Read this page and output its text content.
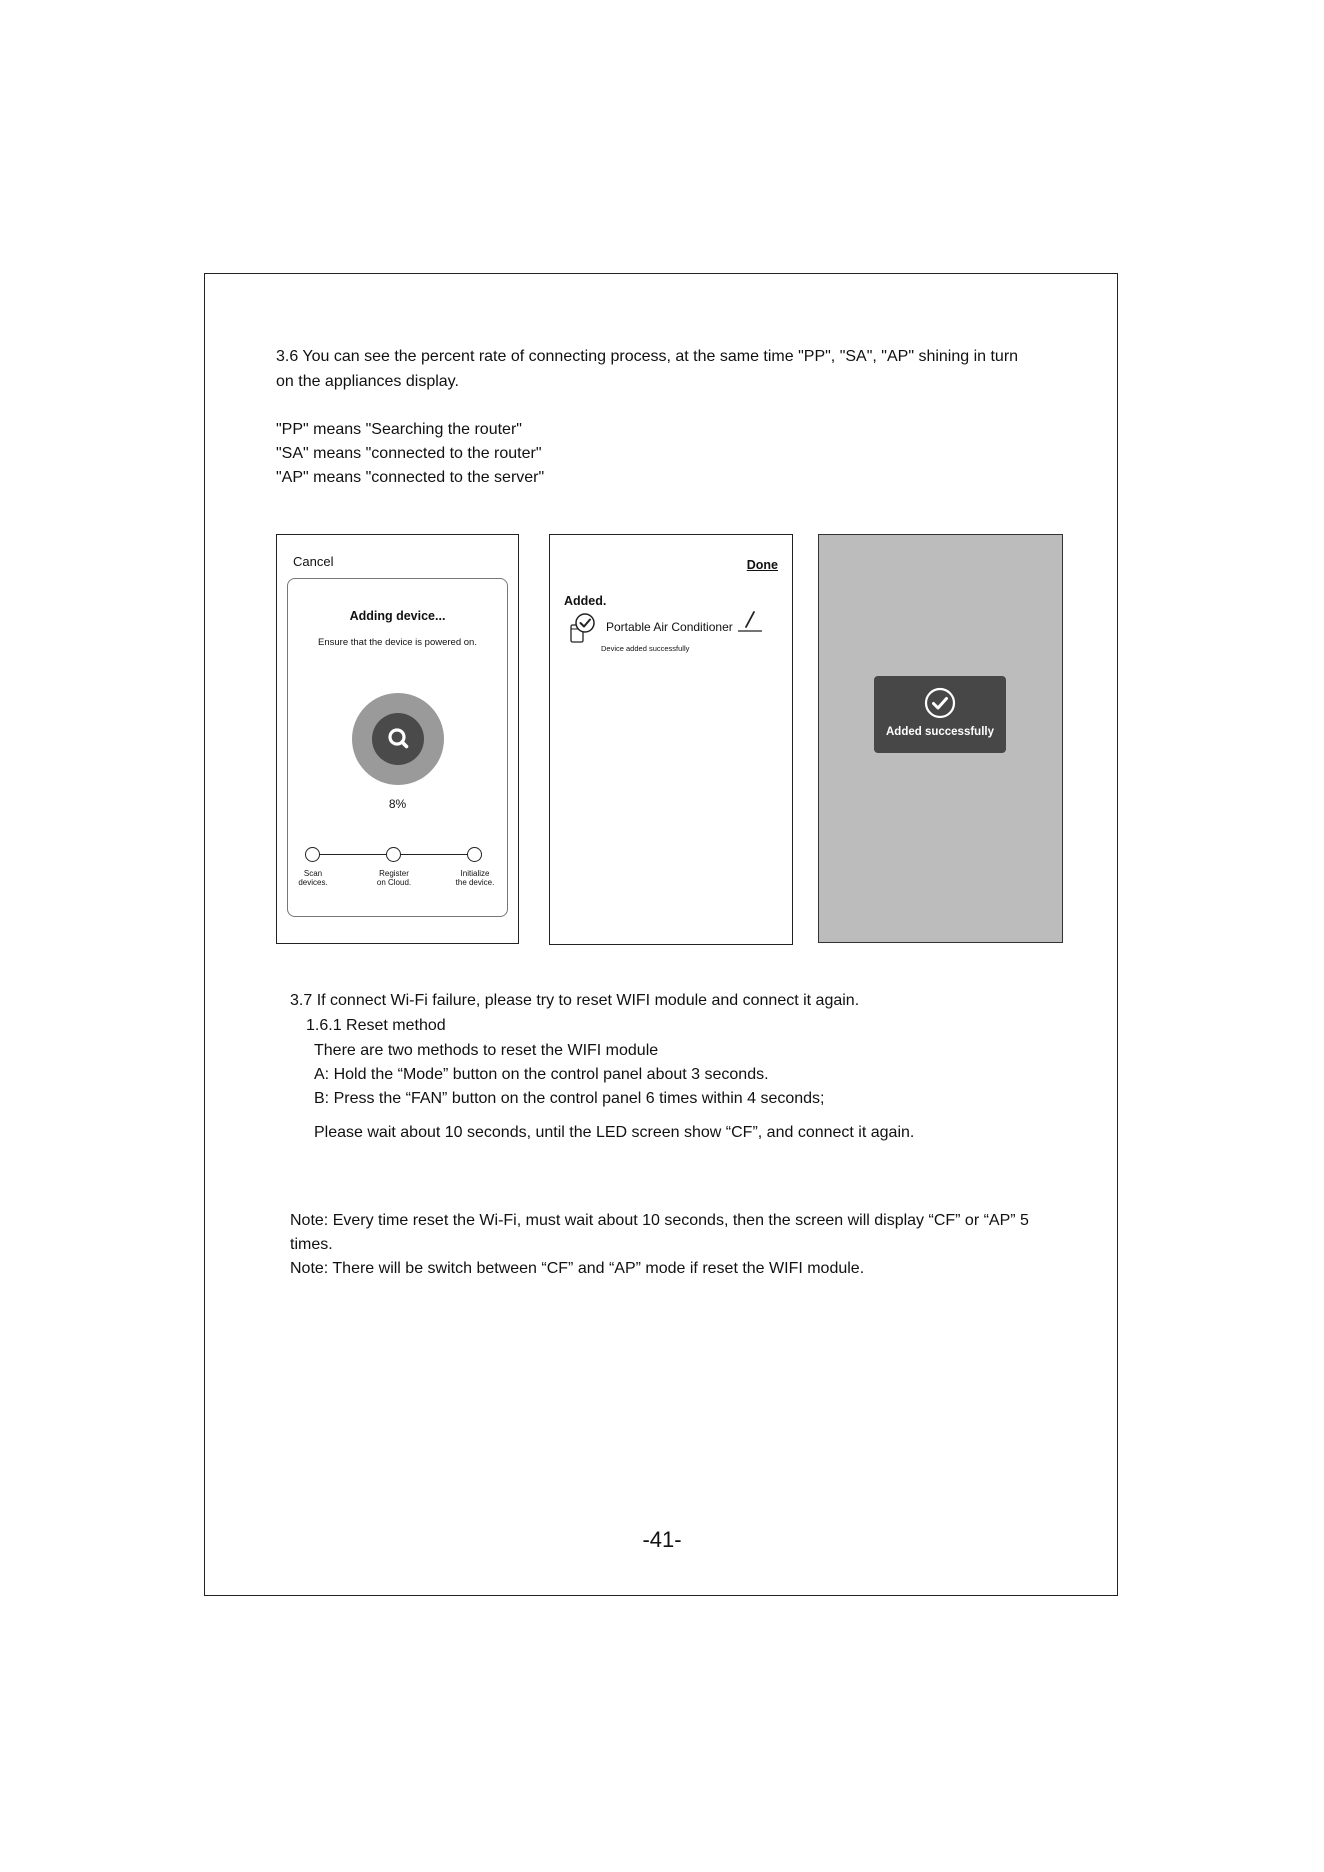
3.6 You can see the percent rate of connecting process, at the same time "PP", "SA", "AP" shining in turn
on the appliances display.
"PP" means "Searching the router"
"SA" means "connected to the router"
"AP" means "connected to the server"
Cancel
Adding device...
Ensure that the device is powered on.
8%
Scan
devices.
Register
on Cloud.
Initialize
the device.
Done
Added.
Portable Air Conditioner
Device added successfully
Added successfully
3.7 If connect Wi-Fi failure, please try to reset WIFI module and connect it again.
1.6.1 Reset method
There are two methods to reset the WIFI module
A: Hold the “Mode” button on the control panel about 3 seconds.
B: Press the “FAN” button on the control panel 6 times within 4 seconds;
Please wait about 10 seconds, until the LED screen show “CF”, and connect it again.
Note: Every time reset the Wi-Fi, must wait about 10 seconds, then the screen will display “CF” or “AP” 5
times.
Note: There will be switch between “CF” and “AP” mode if reset the WIFI module.
-41-
